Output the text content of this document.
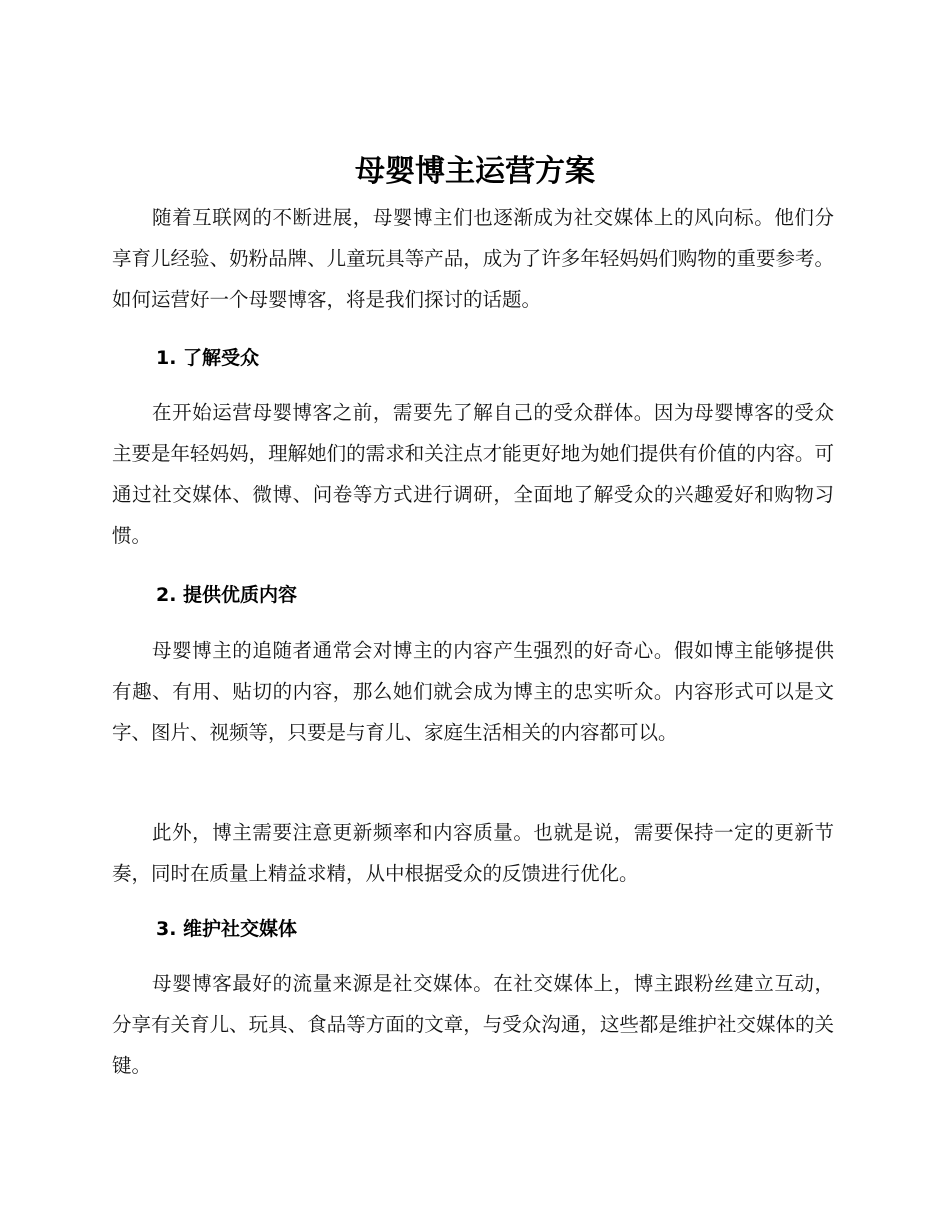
母婴博主运营方案

随着互联网的不断进展，母婴博主们也逐渐成为社交媒体上的风向标。他们分享育儿经验、奶粉品牌、儿童玩具等产品，成为了许多年轻妈妈们购物的重要参考。如何运营好一个母婴博客，将是我们探讨的话题。

1. 了解受众

在开始运营母婴博客之前，需要先了解自己的受众群体。因为母婴博客的受众主要是年轻妈妈，理解她们的需求和关注点才能更好地为她们提供有价值的内容。可通过社交媒体、微博、问卷等方式进行调研，全面地了解受众的兴趣爱好和购物习惯。

2. 提供优质内容

母婴博主的追随者通常会对博主的内容产生强烈的好奇心。假如博主能够提供有趣、有用、贴切的内容，那么她们就会成为博主的忠实听众。内容形式可以是文字、图片、视频等，只要是与育儿、家庭生活相关的内容都可以。

此外，博主需要注意更新频率和内容质量。也就是说，需要保持一定的更新节奏，同时在质量上精益求精，从中根据受众的反馈进行优化。

3. 维护社交媒体

母婴博客最好的流量来源是社交媒体。在社交媒体上，博主跟粉丝建立互动，分享有关育儿、玩具、食品等方面的文章，与受众沟通，这些都是维护社交媒体的关键。
